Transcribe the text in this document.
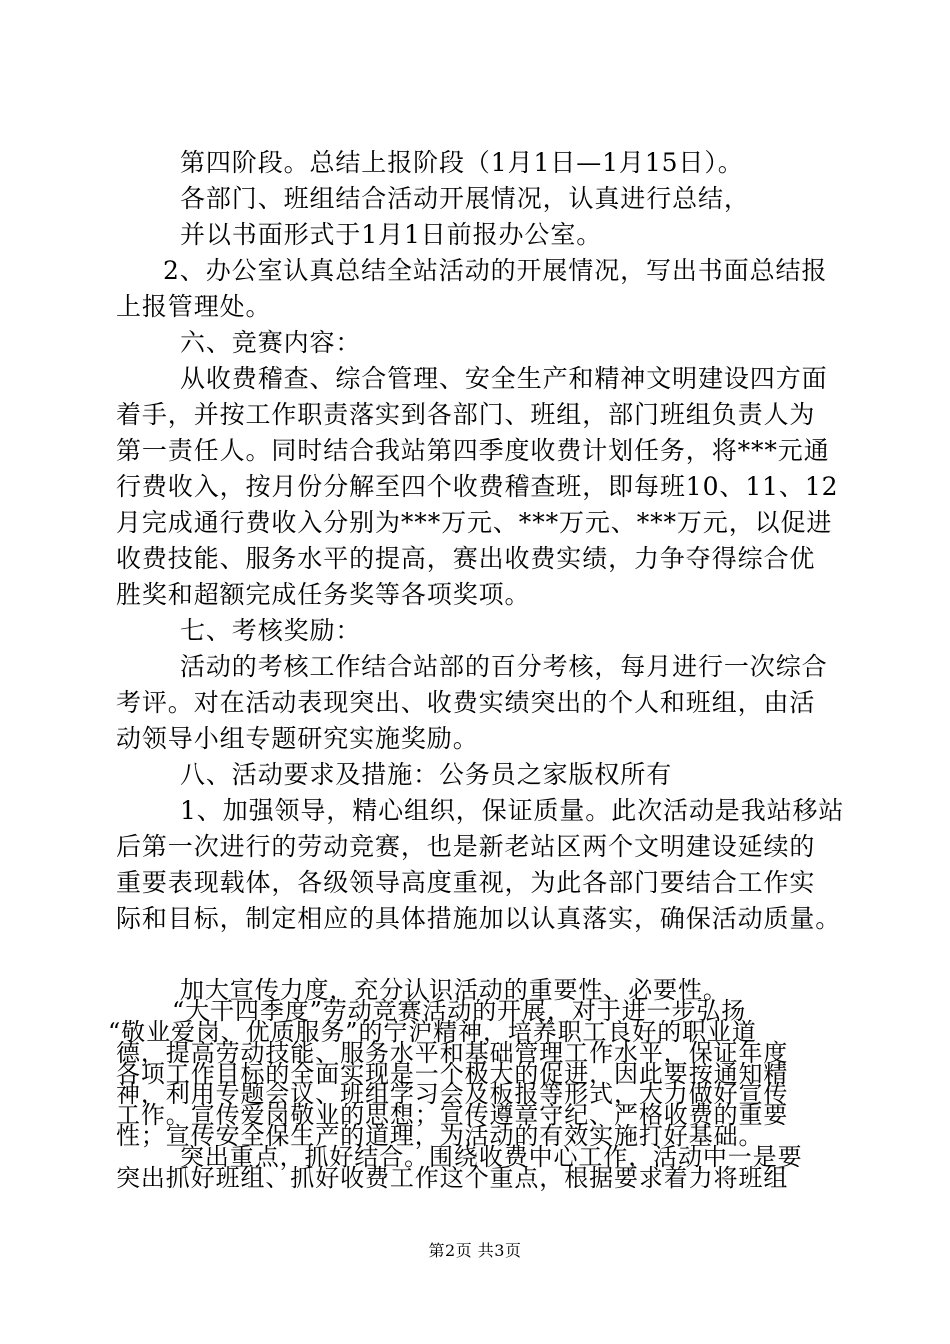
第四阶段。总结上报阶段（1月1日—1月15日）。
各部门、班组结合活动开展情况，认真进行总结，
并以书面形式于1月1日前报办公室。
2、办公室认真总结全站活动的开展情况，写出书面总结报
上报管理处。
六、竞赛内容：
从收费稽查、综合管理、安全生产和精神文明建设四方面
着手，并按工作职责落实到各部门、班组，部门班组负责人为
第一责任人。同时结合我站第四季度收费计划任务，将***元通
行费收入，按月份分解至四个收费稽查班，即每班10、11、12
月完成通行费收入分别为***万元、***万元、***万元，以促进
收费技能、服务水平的提高，赛出收费实绩，力争夺得综合优
胜奖和超额完成任务奖等各项奖项。
七、考核奖励：
活动的考核工作结合站部的百分考核，每月进行一次综合
考评。对在活动表现突出、收费实绩突出的个人和班组，由活
动领导小组专题研究实施奖励。
八、活动要求及措施：公务员之家版权所有
1、加强领导，精心组织，保证质量。此次活动是我站移站
后第一次进行的劳动竞赛，也是新老站区两个文明建设延续的
重要表现载体，各级领导高度重视，为此各部门要结合工作实
际和目标，制定相应的具体措施加以认真落实，确保活动质量。
加大宣传力度，充分认识活动的重要性、必要性。
“大干四季度”劳动竞赛活动的开展，对于进一步弘扬
“敬业爱岗、优质服务”的宁沪精神，培养职工良好的职业道
德，提高劳动技能、服务水平和基础管理工作水平，保证年度
各项工作目标的全面实现是一个极大的促进，因此要按通知精
神，利用专题会议、班组学习会及板报等形式，大力做好宣传
工作。宣传爱岗敬业的思想；宣传遵章守纪、严格收费的重要
性；宣传安全保生产的道理，为活动的有效实施打好基础。
第2页 共3页
突出重点，抓好结合。围绕收费中心工作，活动中一是要
突出抓好班组、抓好收费工作这个重点，根据要求着力将班组
